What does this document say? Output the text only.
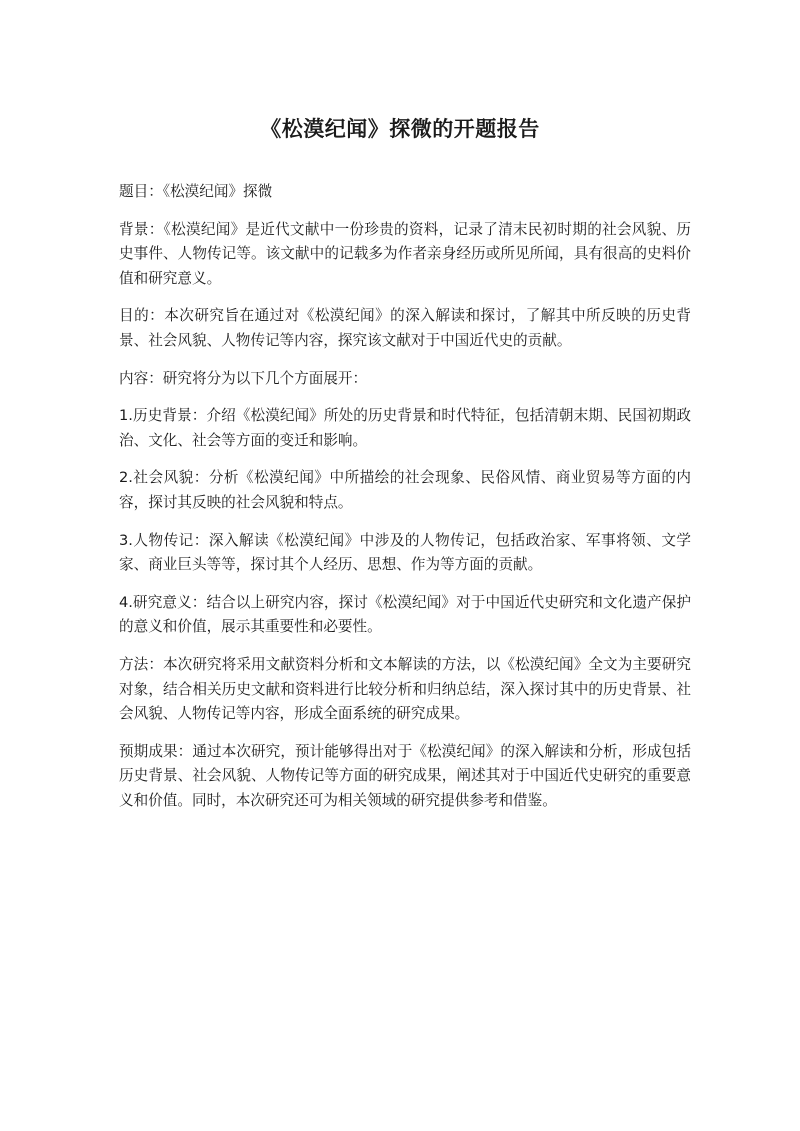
《松漠纪闻》探微的开题报告

题目：《松漠纪闻》探微

背景：《松漠纪闻》是近代文献中一份珍贵的资料，记录了清末民初时期的社会风貌、历史事件、人物传记等。该文献中的记载多为作者亲身经历或所见所闻，具有很高的史料价值和研究意义。

目的：本次研究旨在通过对《松漠纪闻》的深入解读和探讨，了解其中所反映的历史背景、社会风貌、人物传记等内容，探究该文献对于中国近代史的贡献。

内容：研究将分为以下几个方面展开：

1.历史背景：介绍《松漠纪闻》所处的历史背景和时代特征，包括清朝末期、民国初期政治、文化、社会等方面的变迁和影响。

2.社会风貌：分析《松漠纪闻》中所描绘的社会现象、民俗风情、商业贸易等方面的内容，探讨其反映的社会风貌和特点。

3.人物传记：深入解读《松漠纪闻》中涉及的人物传记，包括政治家、军事将领、文学家、商业巨头等等，探讨其个人经历、思想、作为等方面的贡献。

4.研究意义：结合以上研究内容，探讨《松漠纪闻》对于中国近代史研究和文化遗产保护的意义和价值，展示其重要性和必要性。

方法：本次研究将采用文献资料分析和文本解读的方法，以《松漠纪闻》全文为主要研究对象，结合相关历史文献和资料进行比较分析和归纳总结，深入探讨其中的历史背景、社会风貌、人物传记等内容，形成全面系统的研究成果。

预期成果：通过本次研究，预计能够得出对于《松漠纪闻》的深入解读和分析，形成包括历史背景、社会风貌、人物传记等方面的研究成果，阐述其对于中国近代史研究的重要意义和价值。同时，本次研究还可为相关领域的研究提供参考和借鉴。
